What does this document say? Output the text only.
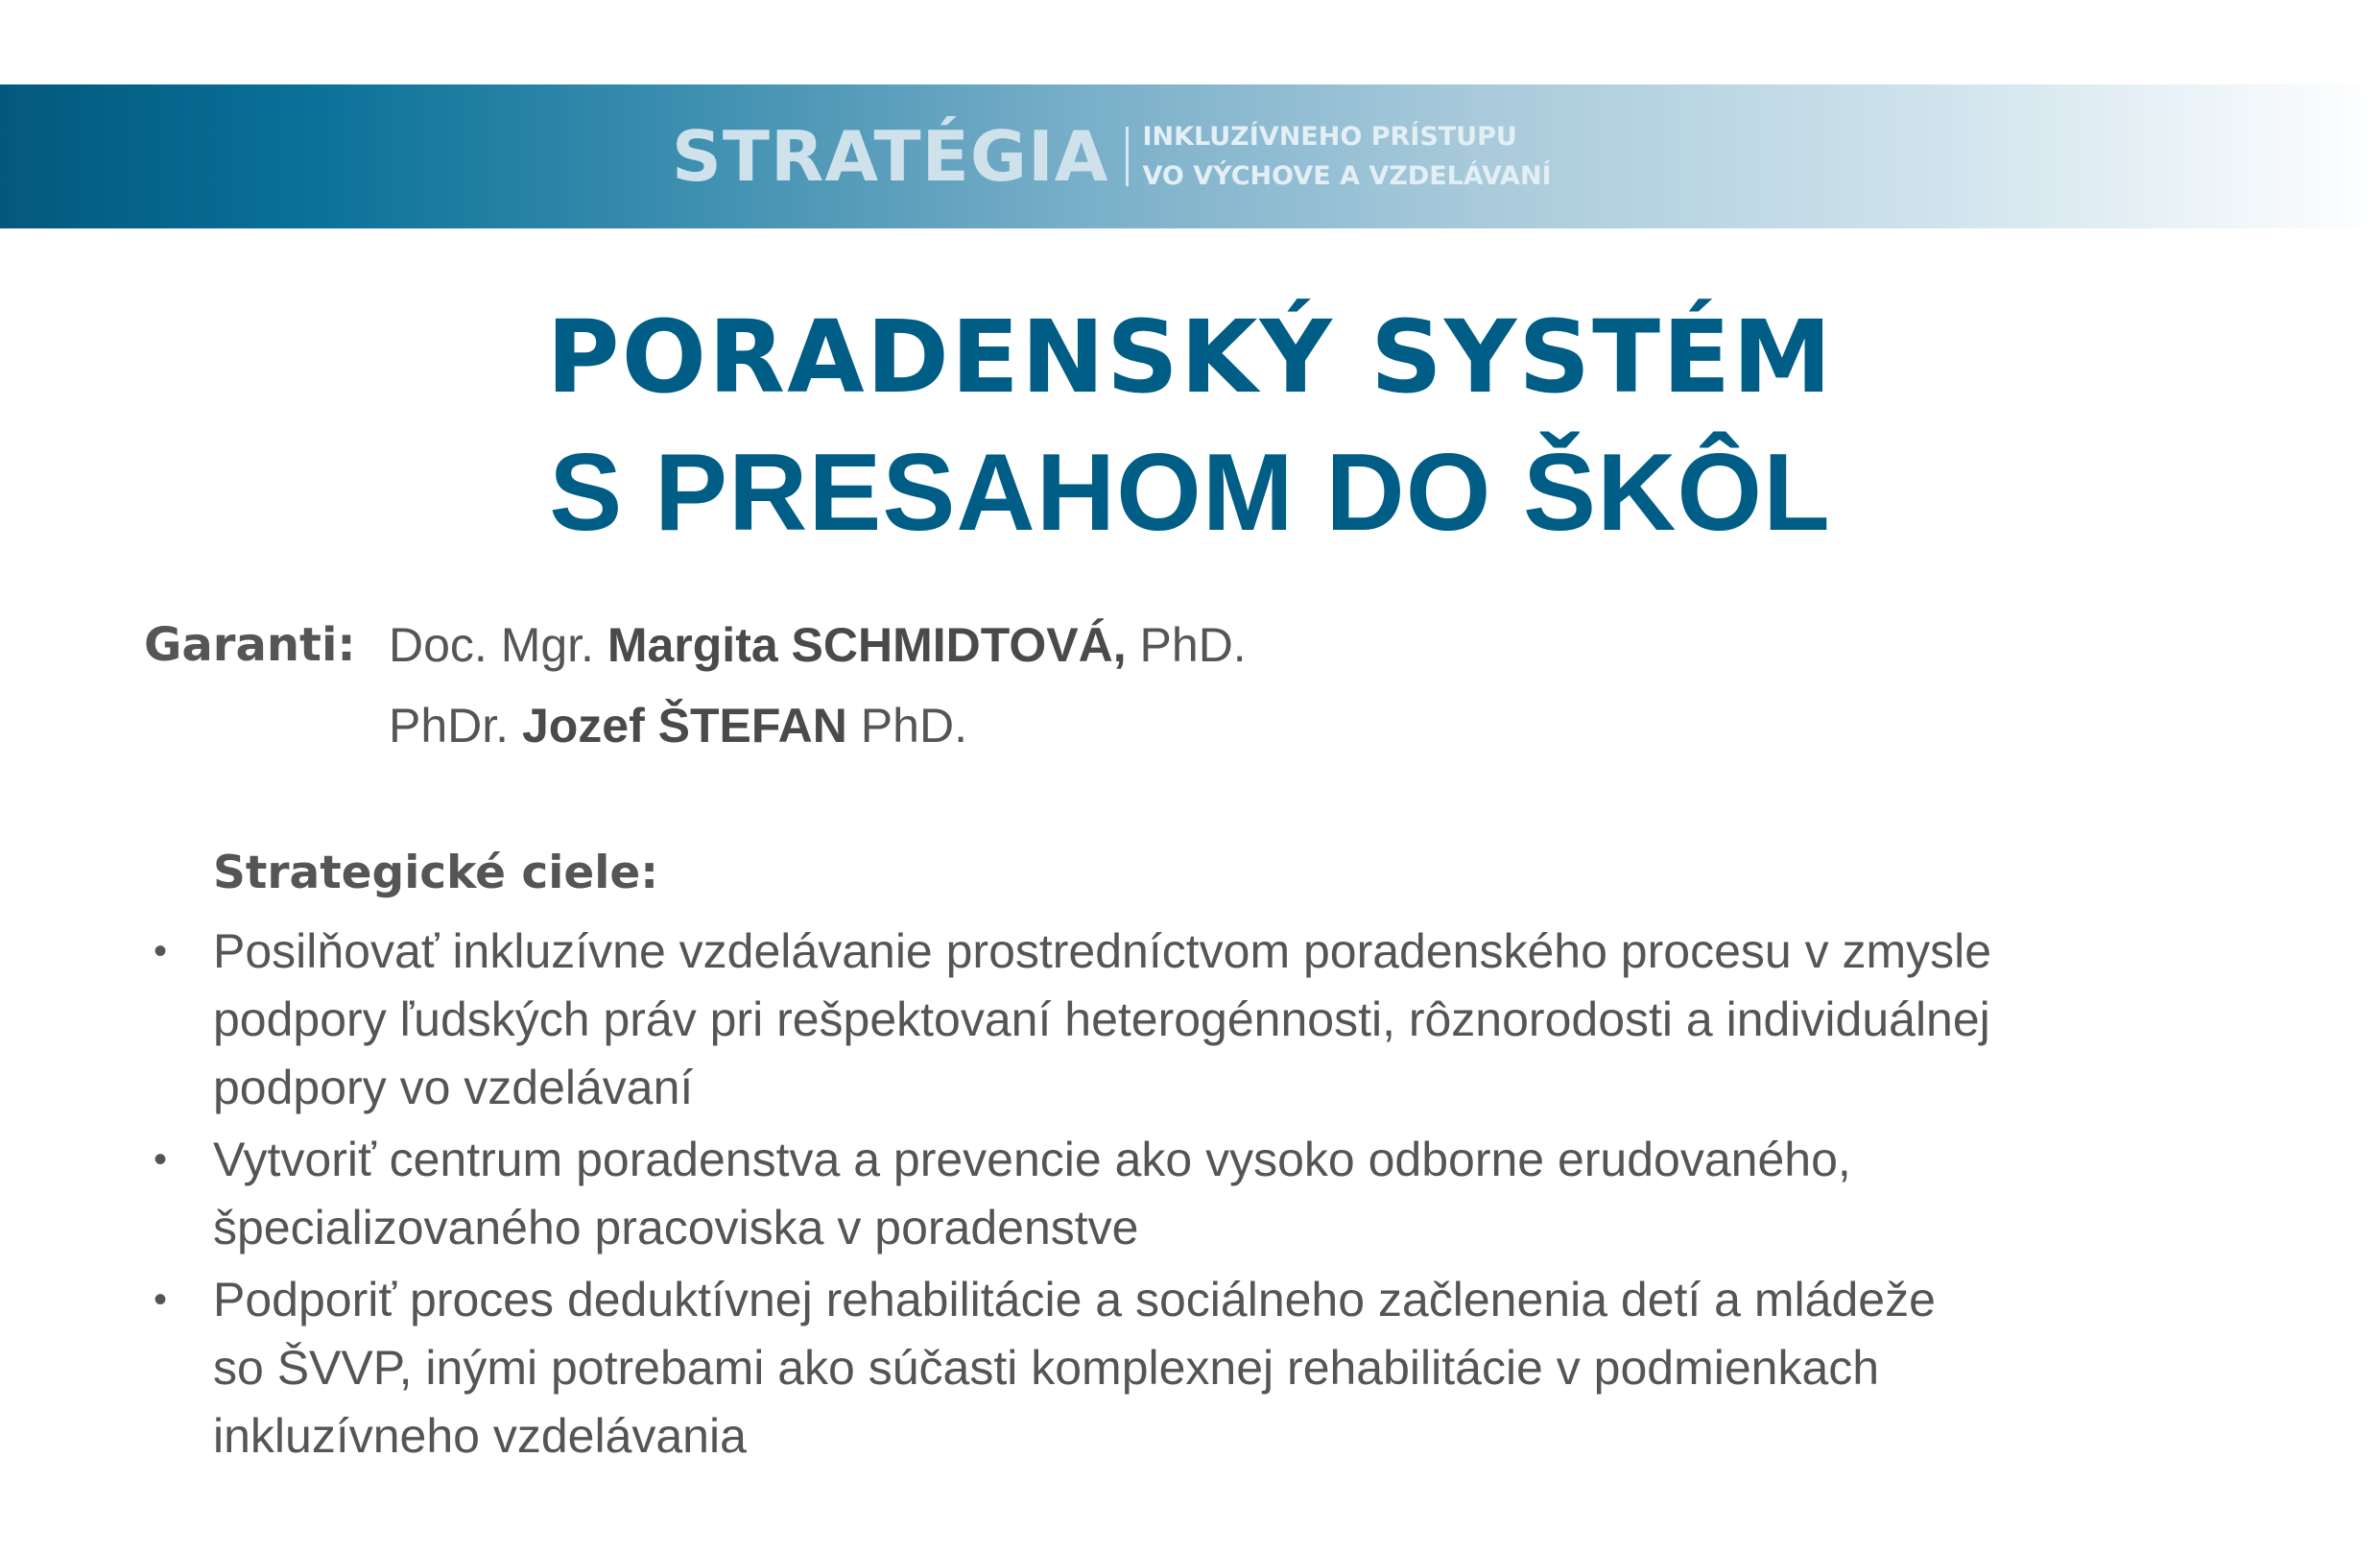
STRATÉGIA INKLUZÍVNEHO PRÍSTUPU
VO VÝCHOVE A VZDELÁVANÍ
PORADENSKÝ SYSTÉM
S PRESAHOM DO ŠKÔL
Garanti: Doc. Mgr. Margita SCHMIDTOVÁ, PhD.
PhDr. Jozef ŠTEFAN PhD.
Strategické ciele:
• Posilňovať inkluzívne vzdelávanie prostredníctvom poradenského procesu v zmysle
podpory ľudských práv pri rešpektovaní heterogénnosti, rôznorodosti a individuálnej
podpory vo vzdelávaní
• Vytvoriť centrum poradenstva a prevencie ako vysoko odborne erudovaného,
špecializovaného pracoviska v poradenstve
• Podporiť proces deduktívnej rehabilitácie a sociálneho začlenenia detí a mládeže
so ŠVVP, inými potrebami ako súčasti komplexnej rehabilitácie v podmienkach
inkluzívneho vzdelávania
